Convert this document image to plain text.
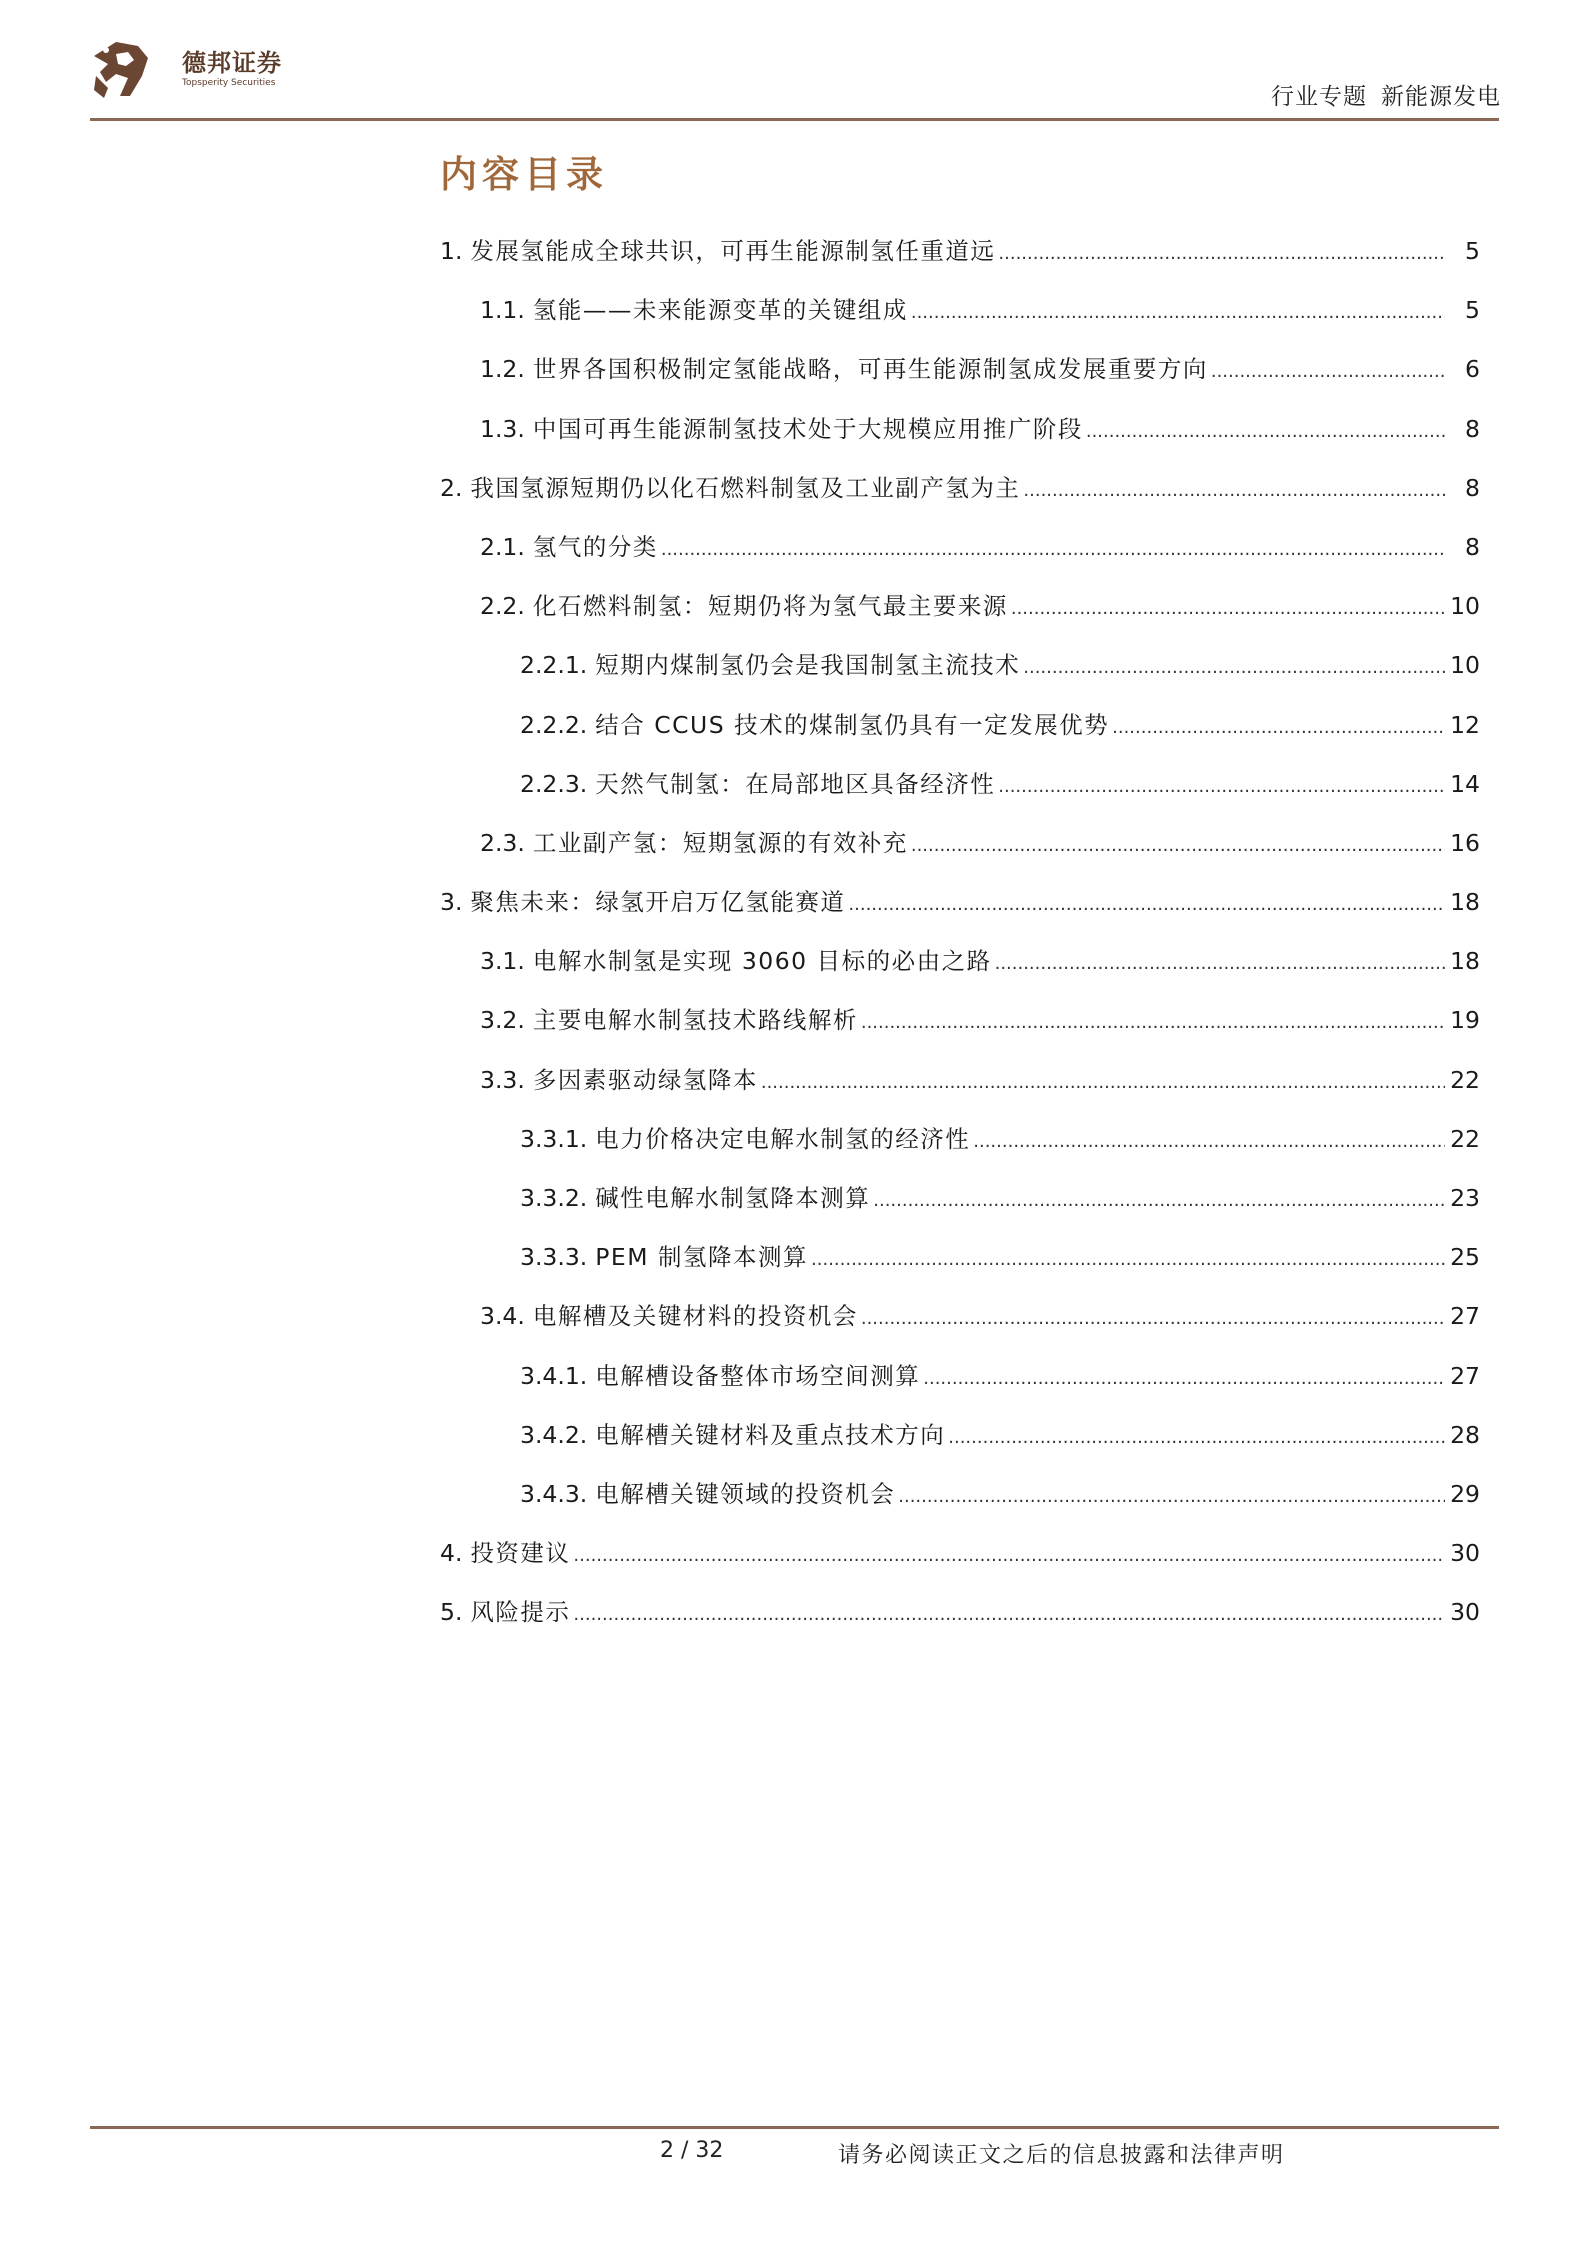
德邦证券
Topsperity Securities
行业专题 新能源发电
内容目录
1. 发展氢能成全球共识，可再生能源制氢任重道远 .....	5
1.1. 氢能——未来能源变革的关键组成 .....	5
1.2. 世界各国积极制定氢能战略，可再生能源制氢成发展重要方向 .....	6
1.3. 中国可再生能源制氢技术处于大规模应用推广阶段 .....	8
2. 我国氢源短期仍以化石燃料制氢及工业副产氢为主 .....	8
2.1. 氢气的分类 .....	8
2.2. 化石燃料制氢：短期仍将为氢气最主要来源 .....	10
2.2.1. 短期内煤制氢仍会是我国制氢主流技术 .....	10
2.2.2. 结合 CCUS 技术的煤制氢仍具有一定发展优势 .....	12
2.2.3. 天然气制氢：在局部地区具备经济性 .....	14
2.3. 工业副产氢：短期氢源的有效补充 .....	16
3. 聚焦未来：绿氢开启万亿氢能赛道 .....	18
3.1. 电解水制氢是实现 3060 目标的必由之路 .....	18
3.2. 主要电解水制氢技术路线解析 .....	19
3.3. 多因素驱动绿氢降本 .....	22
3.3.1. 电力价格决定电解水制氢的经济性 .....	22
3.3.2. 碱性电解水制氢降本测算 .....	23
3.3.3. PEM 制氢降本测算 .....	25
3.4. 电解槽及关键材料的投资机会 .....	27
3.4.1. 电解槽设备整体市场空间测算 .....	27
3.4.2. 电解槽关键材料及重点技术方向 .....	28
3.4.3. 电解槽关键领域的投资机会 .....	29
4. 投资建议 .....	30
5. 风险提示 .....	30
2 / 32	请务必阅读正文之后的信息披露和法律声明
